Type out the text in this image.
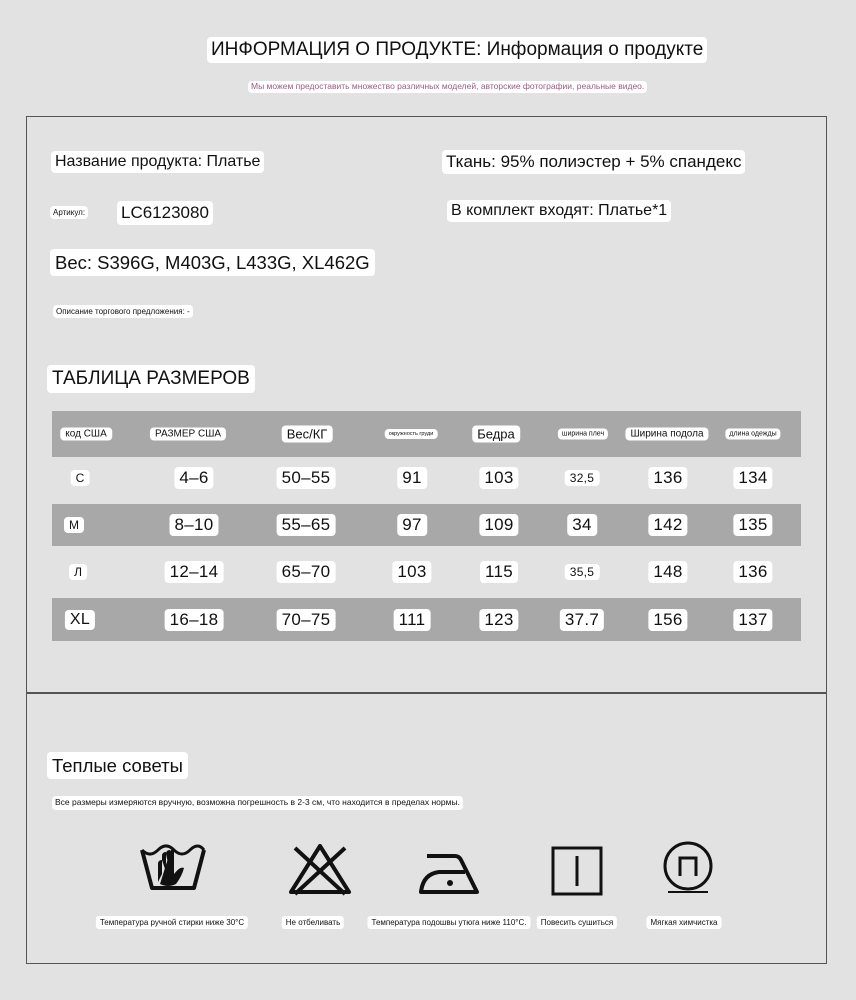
ИНФОРМАЦИЯ О ПРОДУКТЕ: Информация о продукте
Мы можем предоставить множество различных моделей, авторские фотографии, реальные видео.
Название продукта: Платье	Ткань: 95% полиэстер + 5% спандекс
Артикул: LC6123080	В комплект входят: Платье*1
Вес: S396G, M403G, L433G, XL462G
Описание торгового предложения: -
ТАБЛИЦА РАЗМЕРОВ
код США	РАЗМЕР США	Вес/КГ	окружность груди	Бедра	ширина плеч	Ширина подола	длина одежды
С	4–6	50–55	91	103	32,5	136	134
М	8–10	55–65	97	109	34	142	135
Л	12–14	65–70	103	115	35,5	148	136
XL	16–18	70–75	111	123	37.7	156	137
Теплые советы
Все размеры измеряются вручную, возможна погрешность в 2-3 см, что находится в пределах нормы.
Температура ручной стирки ниже 30°C	Не отбеливать	Температура подошвы утюга ниже 110°C.	Повесить сушиться	Мягкая химчистка
